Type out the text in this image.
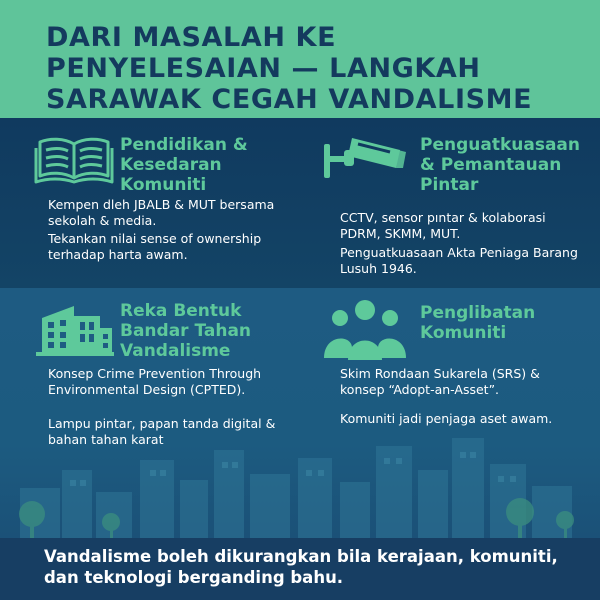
DARI MASALAH KE PENYELESAIAN — LANGKAH SARAWAK CEGAH VANDALISME
Pendidikan & Kesedaran Komuniti

Kempen dleh JBALB & MUT bersama sekolah & media.

Tekankan nilai sense of ownership terhadap harta awam.

Penguatkuasaan & Pemantauan Pintar

CCTV, sensor pıntar & kolaborasi PDRM, SKMM, MUT.

Penguatkuasaan Akta Peniaga Barang Lusuh 1946.

Reka Bentuk Bandar Tahan Vandalisme

Konsep Crime Prevention Through Environmental Design (CPTED).

Lampu pintar, papan tanda digital & bahan tahan karat

Penglibatan Komuniti

Skim Rondaan Sukarela (SRS) & konsep “Adopt-an-Asset”.

Komuniti jadi penjaga aset awam.

Vandalisme boleh dikurangkan bila kerajaan, komuniti, dan teknologi berganding bahu.
